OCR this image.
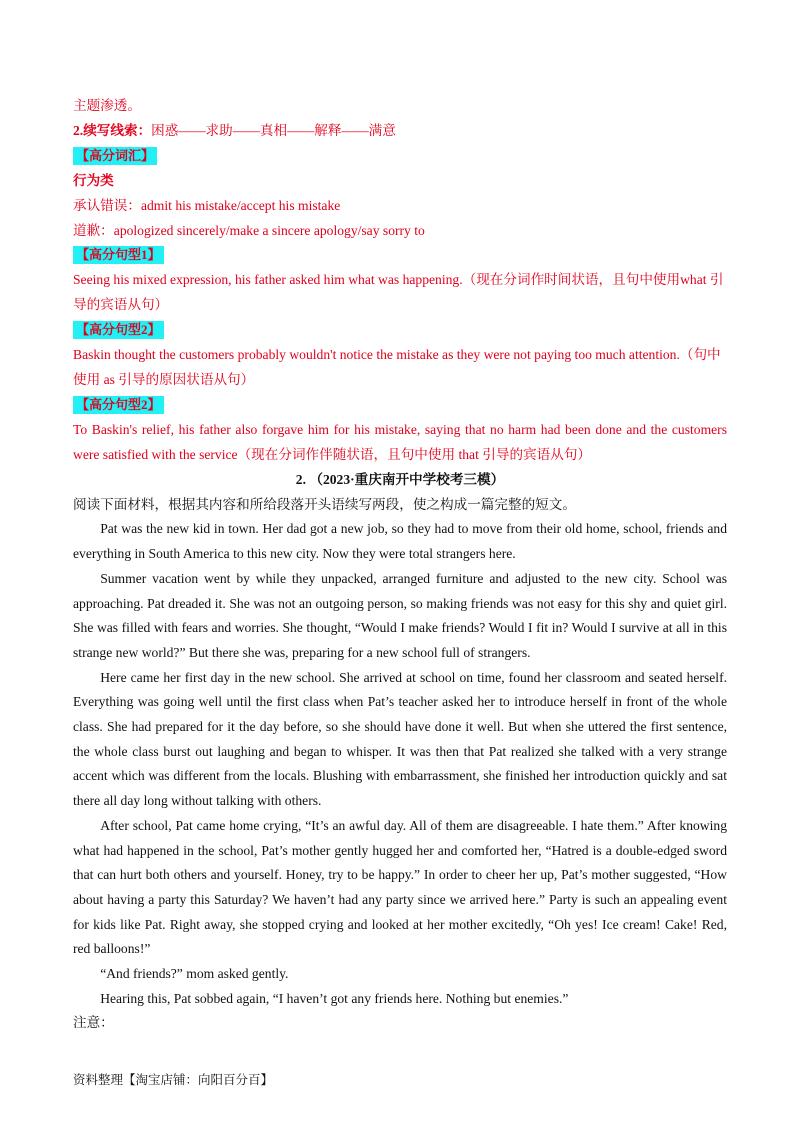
主题渗透。
2.续写线索：困惑——求助——真相——解释——满意
【高分词汇】
行为类
承认错误：admit his mistake/accept his mistake
道歉：apologized sincerely/make a sincere apology/say sorry to
【高分句型1】
Seeing his mixed expression, his father asked him what was happening.（现在分词作时间状语，且句中使用what 引导的宾语从句）
【高分句型2】
Baskin thought the customers probably wouldn't notice the mistake as they were not paying too much attention.（句中使用 as 引导的原因状语从句）
【高分句型2】
To Baskin's relief, his father also forgave him for his mistake, saying that no harm had been done and the customers were satisfied with the service（现在分词作伴随状语，且句中使用 that 引导的宾语从句）
2. （2023·重庆南开中学校考三模）
阅读下面材料，根据其内容和所给段落开头语续写两段，使之构成一篇完整的短文。
Pat was the new kid in town. Her dad got a new job, so they had to move from their old home, school, friends and everything in South America to this new city. Now they were total strangers here.
Summer vacation went by while they unpacked, arranged furniture and adjusted to the new city. School was approaching. Pat dreaded it. She was not an outgoing person, so making friends was not easy for this shy and quiet girl. She was filled with fears and worries. She thought, “Would I make friends? Would I fit in? Would I survive at all in this strange new world?” But there she was, preparing for a new school full of strangers.
Here came her first day in the new school. She arrived at school on time, found her classroom and seated herself. Everything was going well until the first class when Pat’s teacher asked her to introduce herself in front of the whole class. She had prepared for it the day before, so she should have done it well. But when she uttered the first sentence, the whole class burst out laughing and began to whisper. It was then that Pat realized she talked with a very strange accent which was different from the locals. Blushing with embarrassment, she finished her introduction quickly and sat there all day long without talking with others.
After school, Pat came home crying, “It’s an awful day. All of them are disagreeable. I hate them.” After knowing what had happened in the school, Pat’s mother gently hugged her and comforted her, “Hatred is a double-edged sword that can hurt both others and yourself. Honey, try to be happy.” In order to cheer her up, Pat’s mother suggested, “How about having a party this Saturday? We haven’t had any party since we arrived here.” Party is such an appealing event for kids like Pat. Right away, she stopped crying and looked at her mother excitedly, “Oh yes! Ice cream! Cake! Red, red balloons!”
“And friends?” mom asked gently.
Hearing this, Pat sobbed again, “I haven’t got any friends here. Nothing but enemies.”
注意：
资料整理【淘宝店铺：向阳百分百】
